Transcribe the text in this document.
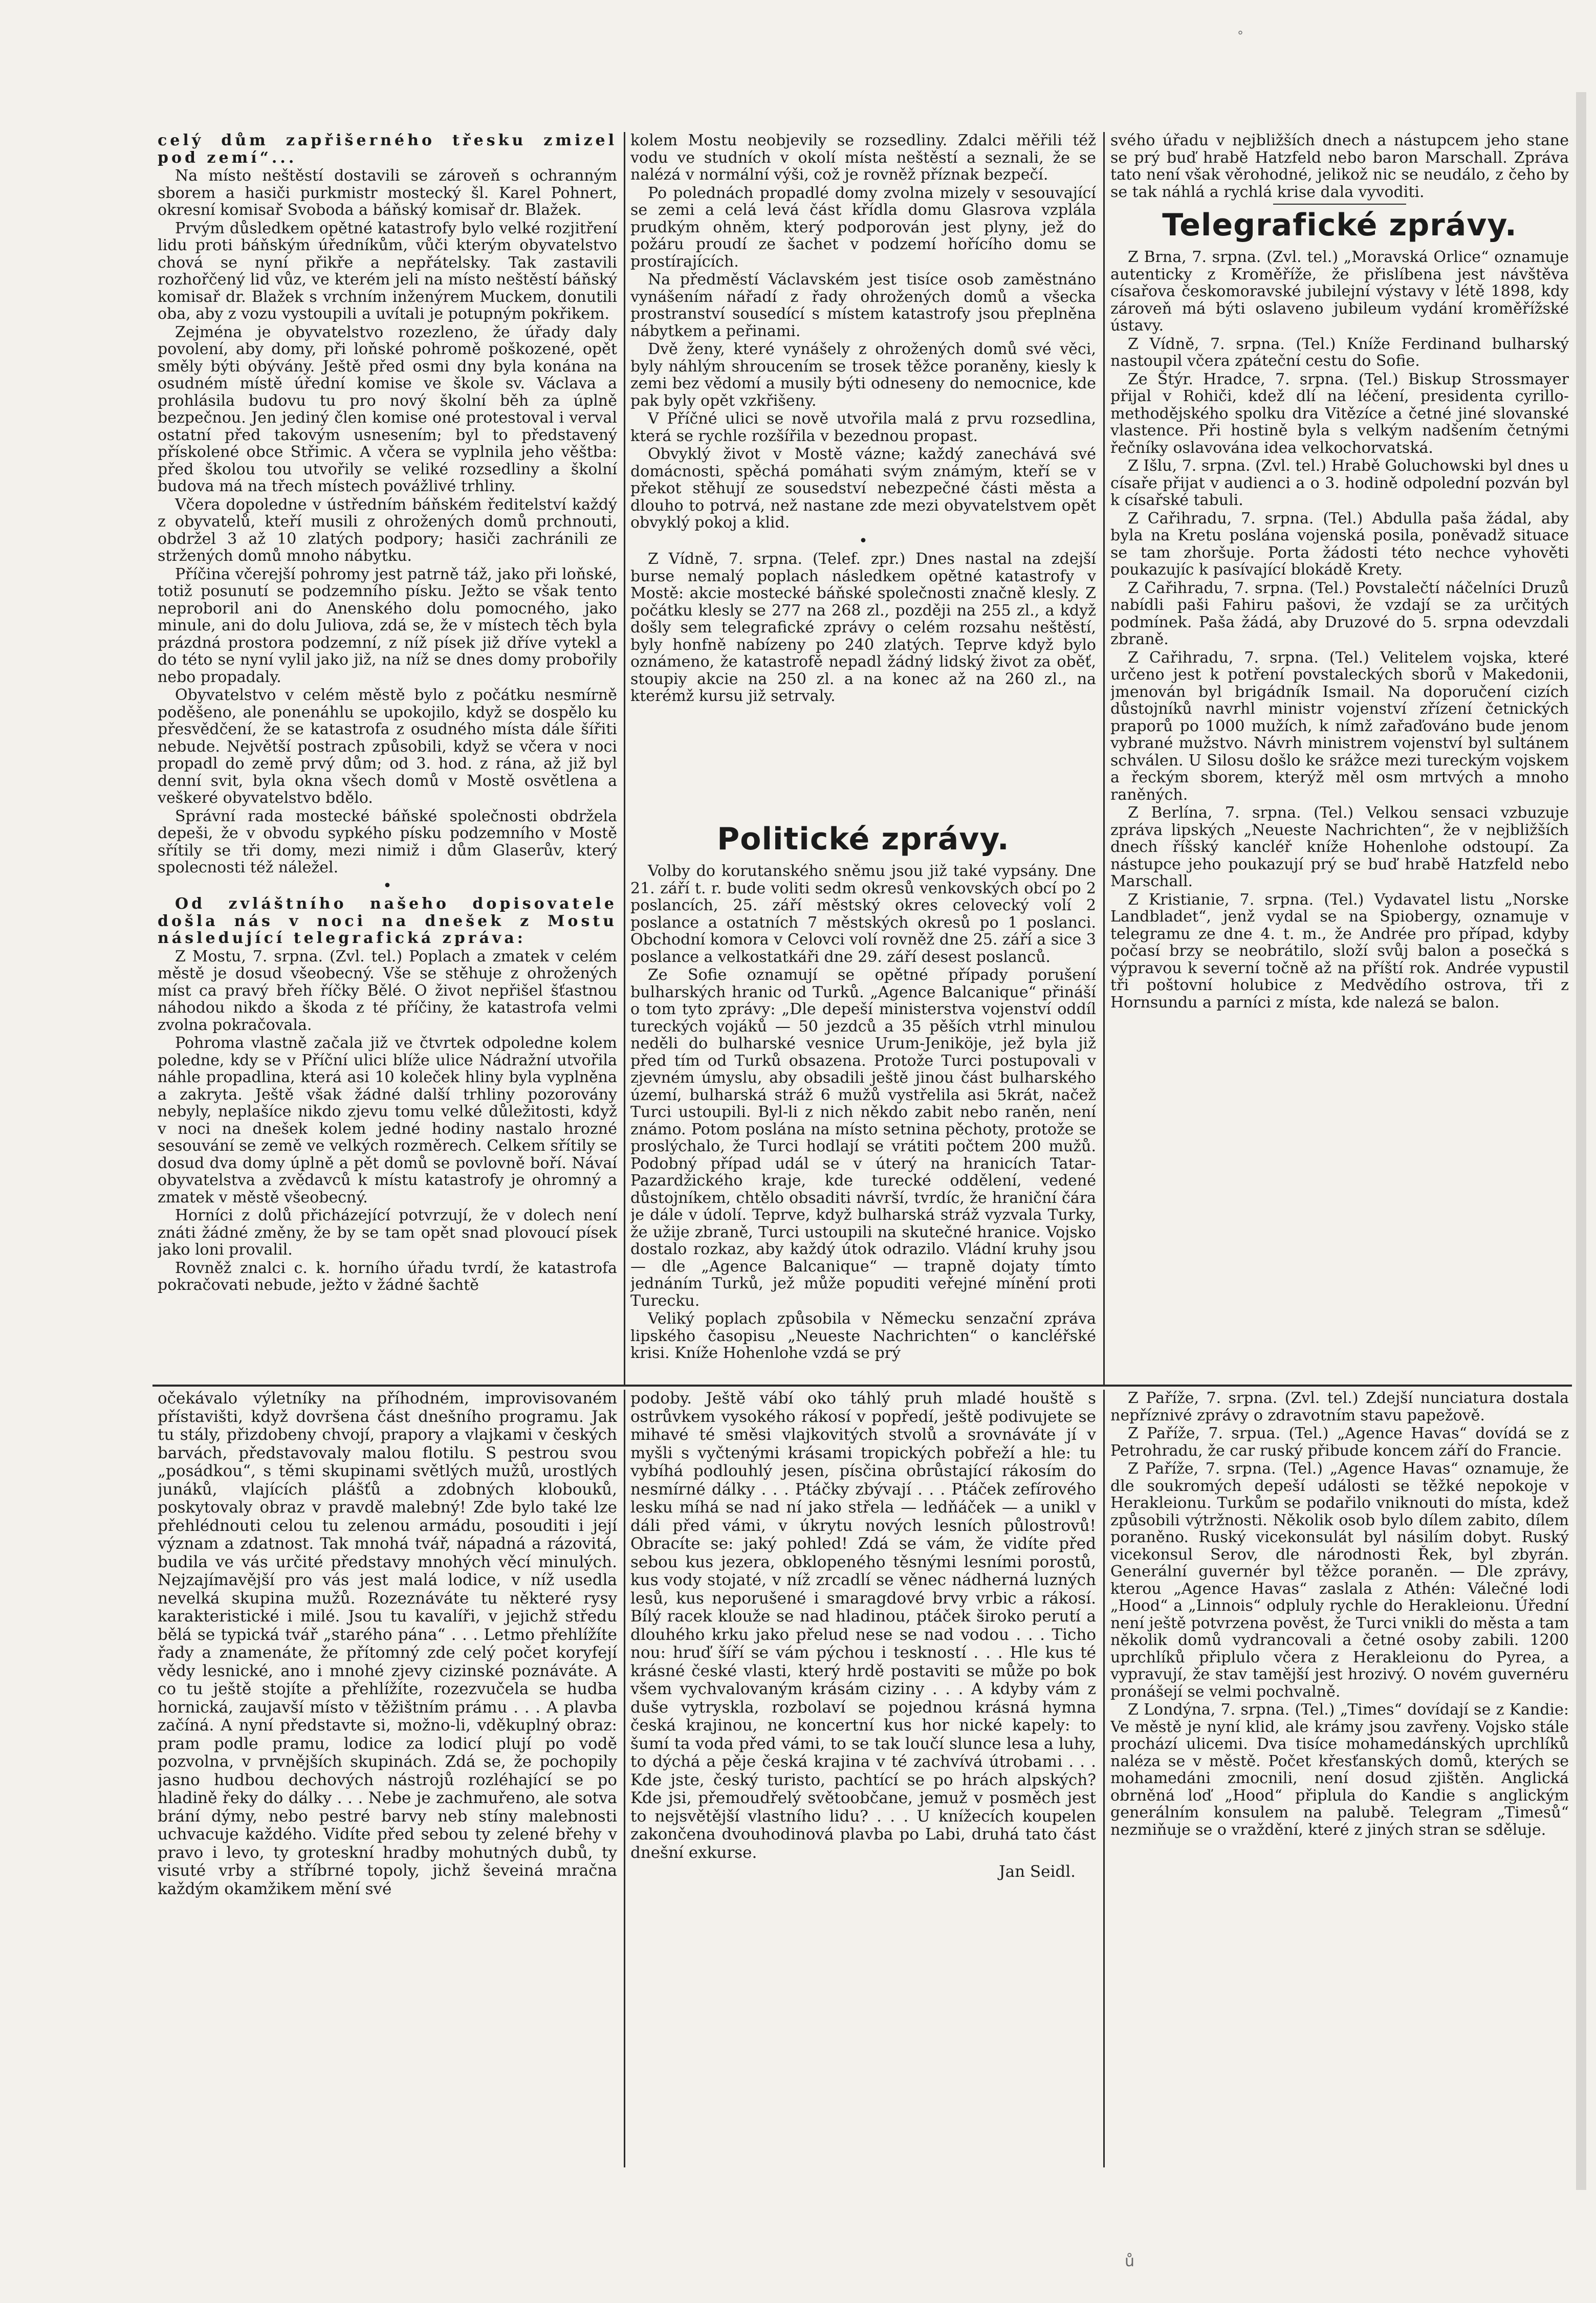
°

celý dům zapřišerného třesku zmizel pod zemí“...

Na místo neštěstí dostavili se zároveň s ochranným sborem a hasiči purkmistr mostecký šl. Karel Pohnert, okresní komisař Svoboda a báňský komisař dr. Blažek.

Prvým důsledkem opětné katastrofy bylo velké rozjitření lidu proti báňským úředníkům, vůči kterým obyvatelstvo chová se nyní přikře a nepřátelsky. Tak zastavili rozhořčený lid vůz, ve kterém jeli na místo neštěstí báňský komisař dr. Blažek s vrchním inženýrem Muckem, donutili oba, aby z vozu vystoupili a uvítali je potupným pokřikem.

Zejména je obyvatelstvo rozezleno, že úřady daly povolení, aby domy, při loňské pohromě poškozené, opět směly býti obývány. Ještě před osmi dny byla konána na osudném místě úřední komise ve škole sv. Václava a prohlásila budovu tu pro nový školní běh za úplně bezpečnou. Jen jediný člen komise oné protestoval i verval ostatní před takovým usnesením; byl to představený přískolené obce Střimic. A včera se vyplnila jeho věštba: před školou tou utvořily se veliké rozsedliny a školní budova má na třech místech povážlivé trhliny.

Včera dopoledne v ústředním báňském ředitelství každý z obyvatelů, kteří musili z ohrožených domů prchnouti, obdržel 3 až 10 zlatých podpory; hasiči zachránili ze stržených domů mnoho nábytku.

Příčina včerejší pohromy jest patrně táž, jako při loňské, totiž posunutí se podzemního písku. Ježto se však tento neproboril ani do Anenského dolu pomocného, jako minule, ani do dolu Juliova, zdá se, že v místech těch byla prázdná prostora podzemní, z níž písek již dříve vytekl a do této se nyní vylil jako již, na níž se dnes domy probořily nebo propadaly.

Obyvatelstvo v celém městě bylo z počátku nesmírně poděšeno, ale ponenáhlu se upokojilo, když se dospělo ku přesvědčení, že se katastrofa z osudného místa dále šířiti nebude. Největší postrach způsobili, když se včera v noci propadl do země prvý dům; od 3. hod. z rána, až již byl denní svit, byla okna všech domů v Mostě osvětlena a veškeré obyvatelstvo bdělo.

Správní rada mostecké báňské společnosti obdržela depeši, že v obvodu sypkého písku podzemního v Mostě sřítily se tři domy, mezi nimiž i dům Glaserův, který spolecnosti též náležel.

•

Od zvláštního našeho dopisovatele došla nás v noci na dnešek z Mostu následující telegrafická zpráva:

Z Mostu, 7. srpna. (Zvl. tel.) Poplach a zmatek v celém městě je dosud všeobecný. Vše se stěhuje z ohrožených míst ca pravý břeh říčky Bělé. O život nepřišel šťastnou náhodou nikdo a škoda z té příčiny, že katastrofa velmi zvolna pokračovala.

Pohroma vlastně začala již ve čtvrtek odpoledne kolem poledne, kdy se v Příční ulici blíže ulice Nádražní utvořila náhle propadlina, která asi 10 koleček hliny byla vyplněna a zakryta. Ještě však žádné další trhliny pozorovány nebyly, neplašíce nikdo zjevu tomu velké důležitosti, když v noci na dnešek kolem jedné hodiny nastalo hrozné sesouvání se země ve velkých rozměrech. Celkem sřítily se dosud dva domy úplně a pět domů se povlovně boří. Návaí obyvatelstva a zvědavců k místu katastrofy je ohromný a zmatek v městě všeobecný.

Horníci z dolů přicházející potvrzují, že v dolech není znáti žádné změny, že by se tam opět snad plovoucí písek jako loni provalil.

Rovněž znalci c. k. horního úřadu tvrdí, že katastrofa pokračovati nebude, ježto v žádné šachtě

kolem Mostu neobjevily se rozsedliny. Zdalci měřili též vodu ve studních v okolí místa neštěstí a seznali, že se nalézá v normální výši, což je rovněž příznak bezpečí.

Po polednách propadlé domy zvolna mizely v sesouvající se zemi a celá levá část křídla domu Glasrova vzplála prudkým ohněm, který podporován jest plyny, jež do požáru proudí ze šachet v podzemí hořícího domu se prostírajících.

Na předměstí Václavském jest tisíce osob zaměstnáno vynášením nářadí z řady ohrožených domů a všecka prostranství sousedící s místem katastrofy jsou přeplněna nábytkem a peřinami.

Dvě ženy, které vynášely z ohrožených domů své věci, byly náhlým shroucením se trosek těžce poraněny, kiesly k zemi bez vědomí a musily býti odneseny do nemocnice, kde pak byly opět vzkřišeny.

V Příčné ulici se nově utvořila malá z prvu rozsedlina, která se rychle rozšířila v bezednou propast.

Obvyklý život v Mostě vázne; každý zanechává své domácnosti, spěchá pomáhati svým známým, kteří se v překot stěhují ze sousedství nebezpečné části města a dlouho to potrvá, než nastane zde mezi obyvatelstvem opět obvyklý pokoj a klid.

•

Z Vídně, 7. srpna. (Telef. zpr.) Dnes nastal na zdejší burse nemalý poplach následkem opětné katastrofy v Mostě: akcie mostecké báňské společnosti značně klesly. Z počátku klesly se 277 na 268 zl., později na 255 zl., a když došly sem telegrafické zprávy o celém rozsahu neštěstí, byly honfně nabízeny po 240 zlatých. Teprve když bylo oznámeno, že katastrofě nepadl žádný lidský život za oběť, stoupiy akcie na 250 zl. a na konec až na 260 zl., na kterémž kursu již setrvaly.

Politické zprávy.

Volby do korutanského sněmu jsou již také vypsány. Dne 21. září t. r. bude voliti sedm okresů venkovských obcí po 2 poslancích, 25. září městský okres celovecký volí 2 poslance a ostatních 7 městských okresů po 1 poslanci. Obchodní komora v Celovci volí rovněž dne 25. září a sice 3 poslance a velkostatkáři dne 29. září desest poslanců.

Ze Sofie oznamují se opětné případy porušení bulharských hranic od Turků. „Agence Balcanique“ přináší o tom tyto zprávy: „Dle depeší ministerstva vojenství oddíl tureckých vojáků — 50 jezdců a 35 pěších vtrhl minulou neděli do bulharské vesnice Urum-Jeniköje, jež byla již před tím od Turků obsazena. Protože Turci postupovali v zjevném úmyslu, aby obsadili ještě jinou část bulharského území, bulharská stráž 6 mužů vystřelila asi 5krát, načež Turci ustoupili. Byl-li z nich někdo zabit nebo raněn, není známo. Potom poslána na místo setnina pěchoty, protože se proslýchalo, že Turci hodlají se vrátiti počtem 200 mužů. Podobný případ udál se v úterý na hranicích Tatar-Pazardžického kraje, kde turecké oddělení, vedené důstojníkem, chtělo obsaditi návrší, tvrdíc, že hraniční čára je dále v údolí. Teprve, když bulharská stráž vyzvala Turky, že užije zbraně, Turci ustoupili na skutečné hranice. Vojsko dostalo rozkaz, aby každý útok odrazilo. Vládní kruhy jsou — dle „Agence Balcanique“ — trapně dojaty tímto jednáním Turků, jež může popuditi veřejné mínění proti Turecku.

Veliký poplach způsobila v Německu senzační zpráva lipského časopisu „Neueste Nachrichten“ o kancléřské krisi. Kníže Hohenlohe vzdá se prý

svého úřadu v nejbližších dnech a nástupcem jeho stane se prý buď hrabě Hatzfeld nebo baron Marschall. Zpráva tato není však věrohodné, jelikož nic se neudálo, z čeho by se tak náhlá a rychlá krise dala vyvoditi.

Telegrafické zprávy.

Z Brna, 7. srpna. (Zvl. tel.) „Moravská Orlice“ oznamuje autenticky z Kroměříže, že přislíbena jest návštěva císařova českomoravské jubilejní výstavy v létě 1898, kdy zároveň má býti oslaveno jubileum vydání kroměřížské ústavy.

Z Vídně, 7. srpna. (Tel.) Kníže Ferdinand bulharský nastoupil včera zpáteční cestu do Sofie.

Ze Štýr. Hradce, 7. srpna. (Tel.) Biskup Strossmayer přijal v Rohiči, kdež dlí na léčení, presidenta cyrillo-methodějského spolku dra Vitězíce a četné jiné slovanské vlastence. Při hostině byla s velkým nadšením četnými řečníky oslavována idea velkochorvatská.

Z Išlu, 7. srpna. (Zvl. tel.) Hrabě Goluchowski byl dnes u císaře přijat v audienci a o 3. hodině odpolední pozván byl k císařské tabuli.

Z Cařihradu, 7. srpna. (Tel.) Abdulla paša žádal, aby byla na Kretu poslána vojenská posila, poněvadž situace se tam zhoršuje. Porta žádosti této nechce vyhověti poukazujíc k pasívající blokádě Krety.

Z Cařihradu, 7. srpna. (Tel.) Povstalečtí náčelníci Druzů nabídli paši Fahiru pašovi, že vzdají se za určitých podmínek. Paša žádá, aby Druzové do 5. srpna odevzdali zbraně.

Z Cařihradu, 7. srpna. (Tel.) Velitelem vojska, které určeno jest k potření povstaleckých sborů v Makedonii, jmenován byl brigádník Ismail. Na doporučení cizích důstojníků navrhl ministr vojenství zřízení četnických praporů po 1000 mužích, k nímž zařaďováno bude jenom vybrané mužstvo. Návrh ministrem vojenství byl sultánem schválen. U Silosu došlo ke srážce mezi tureckým vojskem a řeckým sborem, kterýž měl osm mrtvých a mnoho raněných.

Z Berlína, 7. srpna. (Tel.) Velkou sensaci vzbuzuje zpráva lipských „Neueste Nachrichten“, že v nejbližších dnech říšský kancléř kníže Hohenlohe odstoupí. Za nástupce jeho poukazují prý se buď hrabě Hatzfeld nebo Marschall.

Z Kristianie, 7. srpna. (Tel.) Vydavatel listu „Norske Landbladet“, jenž vydal se na Spiobergy, oznamuje v telegramu ze dne 4. t. m., že Andrée pro případ, kdyby počasí brzy se neobrátilo, složí svůj balon a posečká s výpravou k severní točně až na příští rok. Andrée vypustil tři poštovní holubice z Medvědího ostrova, tři z Hornsundu a parníci z místa, kde nalezá se balon.

Z Paříže, 7. srpna. (Zvl. tel.) Zdejší nunciatura dostala nepříznivé zprávy o zdravotním stavu papežově.

Z Paříže, 7. srpua. (Tel.) „Agence Havas“ dovídá se z Petrohradu, že car ruský přibude koncem září do Francie.

Z Paříže, 7. srpna. (Tel.) „Agence Havas“ oznamuje, že dle soukromých depeší události se těžké nepokoje v Herakleionu. Turkům se podařilo vniknouti do místa, kdež způsobili výtržnosti. Několik osob bylo dílem zabito, dílem poraněno. Ruský vicekonsulát byl násilím dobyt. Ruský vicekonsul Serov, dle národnosti Řek, byl zbyrán. Generální guvernér byl těžce poraněn. — Dle zprávy, kterou „Agence Havas“ zaslala z Athén: Válečné lodi „Hood“ a „Linnois“ odpluly rychle do Herakleionu. Úřední není ještě potvrzena pověst, že Turci vnikli do města a tam několik domů vydrancovali a četné osoby zabili. 1200 uprchlíků připlulo včera z Herakleionu do Pyrea, a vypravují, že stav tamější jest hrozivý. O novém guvernéru pronášejí se velmi pochvalně.

Z Londýna, 7. srpna. (Tel.) „Times“ dovídají se z Kandie: Ve městě je nyní klid, ale krámy jsou zavřeny. Vojsko stále prochází ulicemi. Dva tisíce mohamedánských uprchlíků naléza se v městě. Počet křesťanských domů, kterých se mohamedáni zmocnili, není dosud zjištěn. Anglická obrněná loď „Hood“ připlula do Kandie s anglickým generálním konsulem na palubě. Telegram „Timesů“ nezmiňuje se o vraždění, které z jiných stran se sděluje.

očekávalo výletníky na příhodném, improvisovaném přístavišti, když dovršena část dnešního programu. Jak tu stály, přizdobeny chvojí, prapory a vlajkami v českých barvách, představovaly malou flotilu. S pestrou svou „posádkou“, s těmi skupinami světlých mužů, urostlých junáků, vlajících plášťů a zdobných klobouků, poskytovaly obraz v pravdě malebný! Zde bylo také lze přehlédnouti celou tu zelenou armádu, posouditi i její význam a zdatnost. Tak mnohá tvář, nápadná a rázovitá, budila ve vás určité představy mnohých věcí minulých. Nejzajímavější pro vás jest malá lodice, v níž usedla nevelká skupina mužů. Rozeznáváte tu některé rysy karakteristické i milé. Jsou tu kavalíři, v jejichž středu bělá se typická tvář „starého pána“ . . . Letmo přehlížíte řady a znamenáte, že přítomný zde celý počet koryfejí vědy lesnické, ano i mnohé zjevy cizinské poznáváte. A co tu ještě stojíte a přehlížíte, rozezvučela se hudba hornická, zaujavší místo v těžištním prámu . . . A plavba začíná. A nyní představte si, možno-li, vděkuplný obraz: pram podle pramu, lodice za lodicí plují po vodě pozvolna, v prvnějších skupinách. Zdá se, že pochopily jasno hudbou dechových nástrojů rozléhající se po hladině řeky do dálky . . . Nebe je zachmuřeno, ale sotva brání dýmy, nebo pestré barvy neb stíny malebnosti uchvacuje každého. Vidíte před sebou ty zelené břehy v pravo i levo, ty groteskní hradby mohutných dubů, ty visuté vrby a stříbrné topoly, jichž ševeiná mračna každým okamžikem mění své

podoby. Ještě vábí oko táhlý pruh mladé houště s ostrůvkem vysokého rákosí v popředí, ještě podivujete se mihavé té směsi vlajkovitých stvolů a srovnáváte jí v myšli s vyčtenými krásami tropických pobřeží a hle: tu vybíhá podlouhlý jesen, písčina obrůstající rákosím do nesmírné dálky . . . Ptáčky zbývají . . . Ptáček zefírového lesku míhá se nad ní jako střela — ledňáček — a unikl v dáli před vámi, v úkrytu nových lesních půlostrovů! Obracíte se: jaký pohled! Zdá se vám, že vidíte před sebou kus jezera, obklopeného těsnými lesními porostů, kus vody stojaté, v níž zrcadlí se věnec nádherná luzných lesů, kus neporušené i smaragdové brvy vrbic a rákosí. Bílý racek klouže se nad hladinou, ptáček široko perutí a dlouhého krku jako přelud nese se nad vodou . . . Ticho nou: hruď šíří se vám pýchou i teskností . . . Hle kus té krásné české vlasti, který hrdě postaviti se může po bok všem vychvalovaným krásám ciziny . . . A kdyby vám z duše vytryskla, rozbolaví se pojednou krásná hymna česká krajinou, ne koncertní kus hor nické kapely: to šumí ta voda před vámi, to se tak loučí slunce lesa a luhy, to dýchá a pěje česká krajina v té zachvívá útrobami . . . Kde jste, český turisto, pachtící se po hrách alpských? Kde jsi, přemoudřelý světoobčane, jemuž v posměch jest to nejsvětější vlastního lidu? . . . U knížecích koupelen zakončena dvouhodinová plavba po Labi, druhá tato část dnešní exkurse.

Jan Seidl.

ů
